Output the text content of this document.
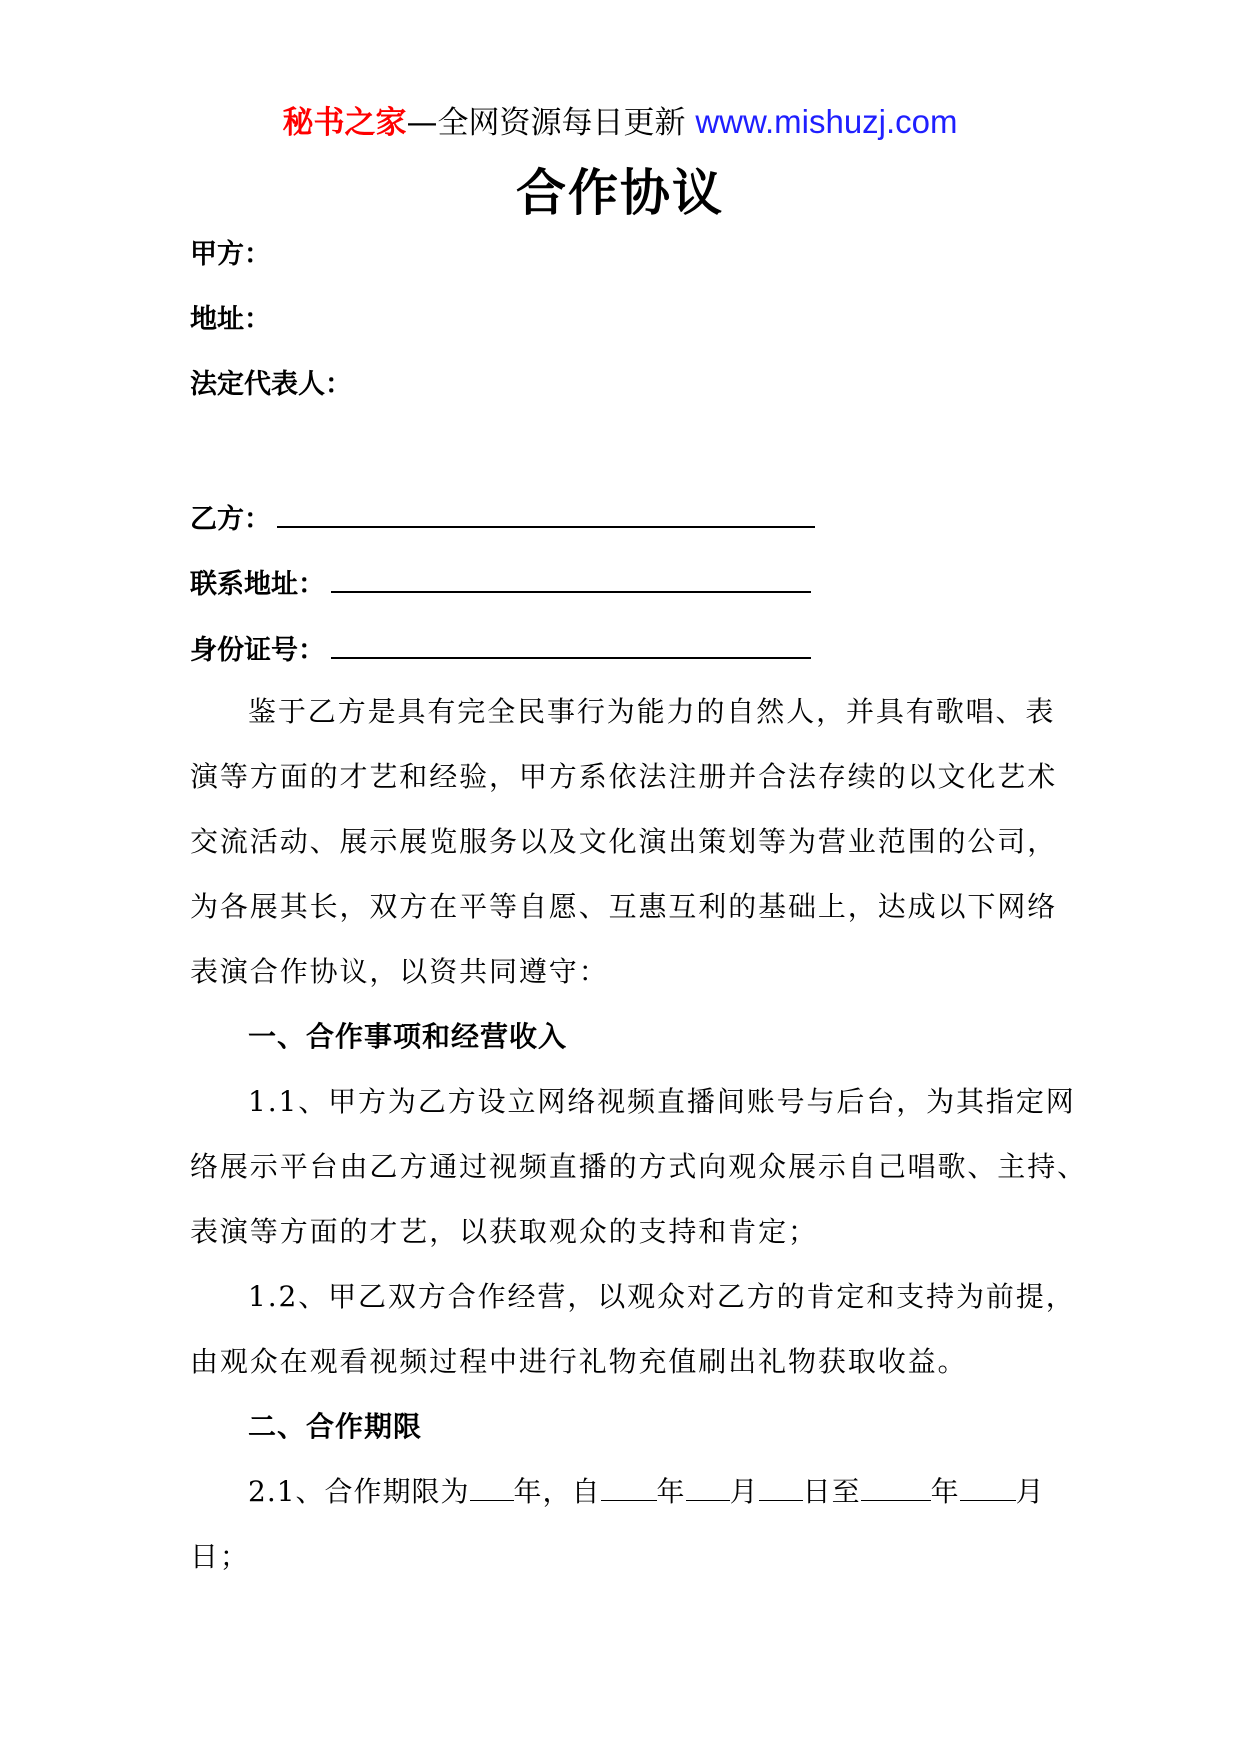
秘书之家—全网资源每日更新 www.mishuzj.com
合作协议
甲方：
地址：
法定代表人：
乙方：
联系地址：
身份证号：
鉴于乙方是具有完全民事行为能力的自然人，并具有歌唱、表
演等方面的才艺和经验，甲方系依法注册并合法存续的以文化艺术
交流活动、展示展览服务以及文化演出策划等为营业范围的公司，
为各展其长，双方在平等自愿、互惠互利的基础上，达成以下网络
表演合作协议，以资共同遵守：
一、合作事项和经营收入
1.1、甲方为乙方设立网络视频直播间账号与后台，为其指定网
络展示平台由乙方通过视频直播的方式向观众展示自己唱歌、主持、
表演等方面的才艺，以获取观众的支持和肯定；
1.2、甲乙双方合作经营，以观众对乙方的肯定和支持为前提，
由观众在观看视频过程中进行礼物充值刷出礼物获取收益。
二、合作期限
2.1、合作期限为 年，自 年 月 日至	年 月
日；
